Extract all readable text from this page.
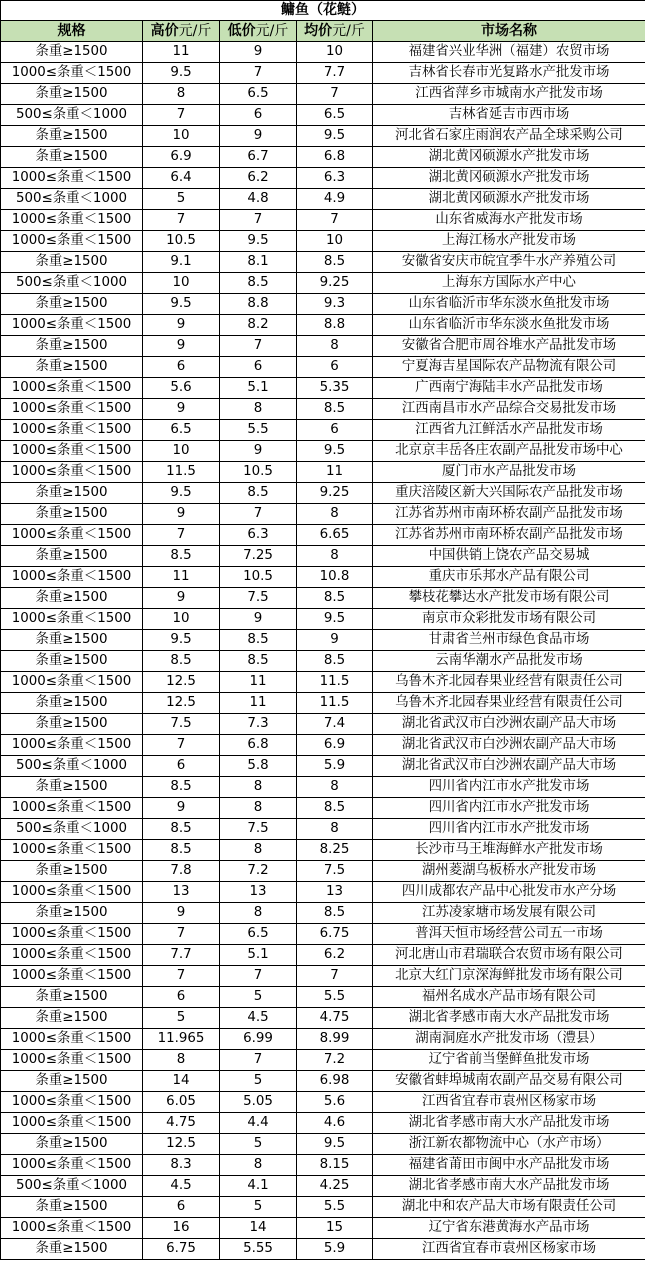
鳙鱼（花鲢）				
规格	高价元/斤	低价元/斤	均价元/斤	市场名称
条重≥1500	11	9	10	福建省兴业华洲（福建）农贸市场
1000≤条重＜1500	9.5	7	7.7	吉林省长春市光复路水产批发市场
条重≥1500	8	6.5	7	江西省萍乡市城南水产批发市场
500≤条重＜1000	7	6	6.5	吉林省延吉市西市场
条重≥1500	10	9	9.5	河北省石家庄雨润农产品全球采购公司
条重≥1500	6.9	6.7	6.8	湖北黄冈硕源水产批发市场
1000≤条重＜1500	6.4	6.2	6.3	湖北黄冈硕源水产批发市场
500≤条重＜1000	5	4.8	4.9	湖北黄冈硕源水产批发市场
1000≤条重＜1500	7	7	7	山东省威海水产批发市场
1000≤条重＜1500	10.5	9.5	10	上海江杨水产批发市场
条重≥1500	9.1	8.1	8.5	安徽省安庆市皖宜季牛水产养殖公司
500≤条重＜1000	10	8.5	9.25	上海东方国际水产中心
条重≥1500	9.5	8.8	9.3	山东省临沂市华东淡水鱼批发市场
1000≤条重＜1500	9	8.2	8.8	山东省临沂市华东淡水鱼批发市场
条重≥1500	9	7	8	安徽省合肥市周谷堆水产品批发市场
条重≥1500	6	6	6	宁夏海吉星国际农产品物流有限公司
1000≤条重＜1500	5.6	5.1	5.35	广西南宁海陆丰水产品批发市场
1000≤条重＜1500	9	8	8.5	江西南昌市水产品综合交易批发市场
1000≤条重＜1500	6.5	5.5	6	江西省九江鲜活水产品批发市场
1000≤条重＜1500	10	9	9.5	北京京丰岳各庄农副产品批发市场中心
1000≤条重＜1500	11.5	10.5	11	厦门市水产品批发市场
条重≥1500	9.5	8.5	9.25	重庆涪陵区新大兴国际农产品批发市场
条重≥1500	9	7	8	江苏省苏州市南环桥农副产品批发市场
1000≤条重＜1500	7	6.3	6.65	江苏省苏州市南环桥农副产品批发市场
条重≥1500	8.5	7.25	8	中国供销上饶农产品交易城
1000≤条重＜1500	11	10.5	10.8	重庆市乐邦水产品有限公司
条重≥1500	9	7.5	8.5	攀枝花攀达水产批发市场有限公司
1000≤条重＜1500	10	9	9.5	南京市众彩批发市场有限公司
条重≥1500	9.5	8.5	9	甘肃省兰州市绿色食品市场
条重≥1500	8.5	8.5	8.5	云南华潮水产品批发市场
1000≤条重＜1500	12.5	11	11.5	乌鲁木齐北园春果业经营有限责任公司
条重≥1500	12.5	11	11.5	乌鲁木齐北园春果业经营有限责任公司
条重≥1500	7.5	7.3	7.4	湖北省武汉市白沙洲农副产品大市场
1000≤条重＜1500	7	6.8	6.9	湖北省武汉市白沙洲农副产品大市场
500≤条重＜1000	6	5.8	5.9	湖北省武汉市白沙洲农副产品大市场
条重≥1500	8.5	8	8	四川省内江市水产批发市场
1000≤条重＜1500	9	8	8.5	四川省内江市水产批发市场
500≤条重＜1000	8.5	7.5	8	四川省内江市水产批发市场
1000≤条重＜1500	8.5	8	8.25	长沙市马王堆海鲜水产批发市场
条重≥1500	7.8	7.2	7.5	湖州菱湖乌板桥水产批发市场
1000≤条重＜1500	13	13	13	四川成都农产品中心批发市水产分场
条重≥1500	9	8	8.5	江苏凌家塘市场发展有限公司
1000≤条重＜1500	7	6.5	6.75	普洱天恒市场经营公司五一市场
1000≤条重＜1500	7.7	5.1	6.2	河北唐山市君瑞联合农贸市场有限公司
1000≤条重＜1500	7	7	7	北京大红门京深海鲜批发市场有限公司
条重≥1500	6	5	5.5	福州名成水产品市场有限公司
条重≥1500	5	4.5	4.75	湖北省孝感市南大水产品批发市场
1000≤条重＜1500	11.965	6.99	8.99	湖南洞庭水产批发市场（澧县）
1000≤条重＜1500	8	7	7.2	辽宁省前当堡鲜鱼批发市场
条重≥1500	14	5	6.98	安徽省蚌埠城南农副产品交易有限公司
1000≤条重＜1500	6.05	5.05	5.6	江西省宜春市袁州区杨家市场
1000≤条重＜1500	4.75	4.4	4.6	湖北省孝感市南大水产品批发市场
条重≥1500	12.5	5	9.5	浙江新农都物流中心（水产市场）
1000≤条重＜1500	8.3	8	8.15	福建省莆田市闽中水产品批发市场
500≤条重＜1000	4.5	4.1	4.25	湖北省孝感市南大水产品批发市场
条重≥1500	6	5	5.5	湖北中和农产品大市场有限责任公司
1000≤条重＜1500	16	14	15	辽宁省东港黄海水产品市场
条重≥1500	6.75	5.55	5.9	江西省宜春市袁州区杨家市场
